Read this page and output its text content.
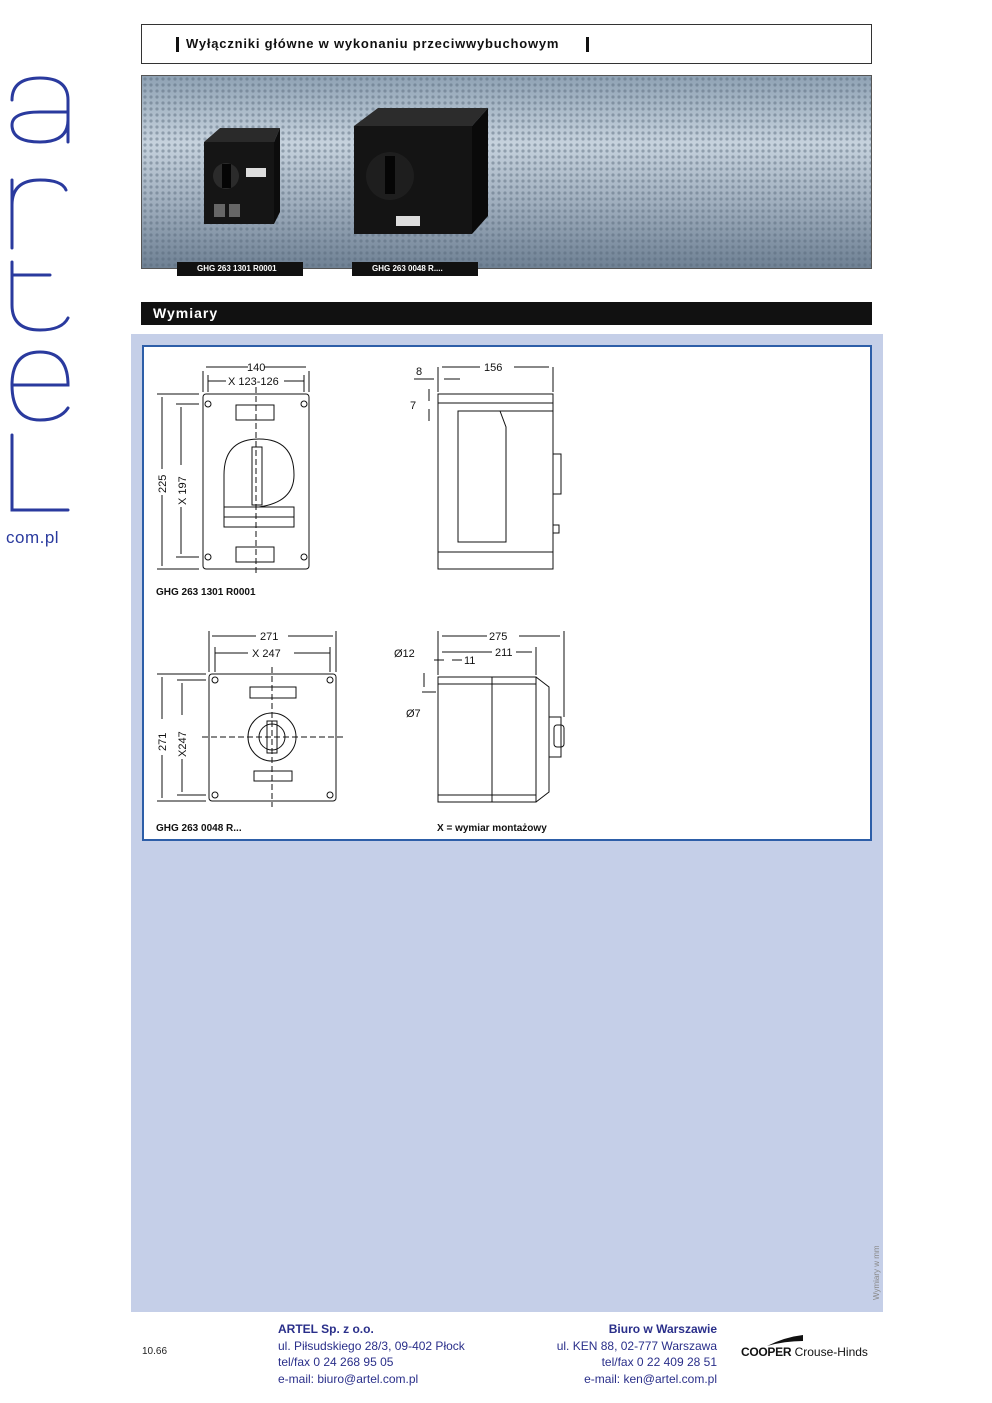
com.pl
Wyłączniki główne w wykonaniu przeciwwybuchowym
GHG 263 1301 R0001	GHG 263 0048 R....
Wymiary
140
X 123-126
225 X 197
156
8
7
271
X 247
271 X247
275
211
11
Ø12
Ø7
GHG 263 1301 R0001
GHG 263 0048 R...	X = wymiar montażowy
Wymiary w mm
10.66
ARTEL Sp. z o.o.
ul. Piłsudskiego 28/3, 09-402 Płock
tel/fax 0 24 268 95 05
e-mail: biuro@artel.com.pl
Biuro w Warszawie
ul. KEN 88, 02-777 Warszawa
tel/fax 0 22 409 28 51
e-mail: ken@artel.com.pl
COOPER Crouse-Hinds
